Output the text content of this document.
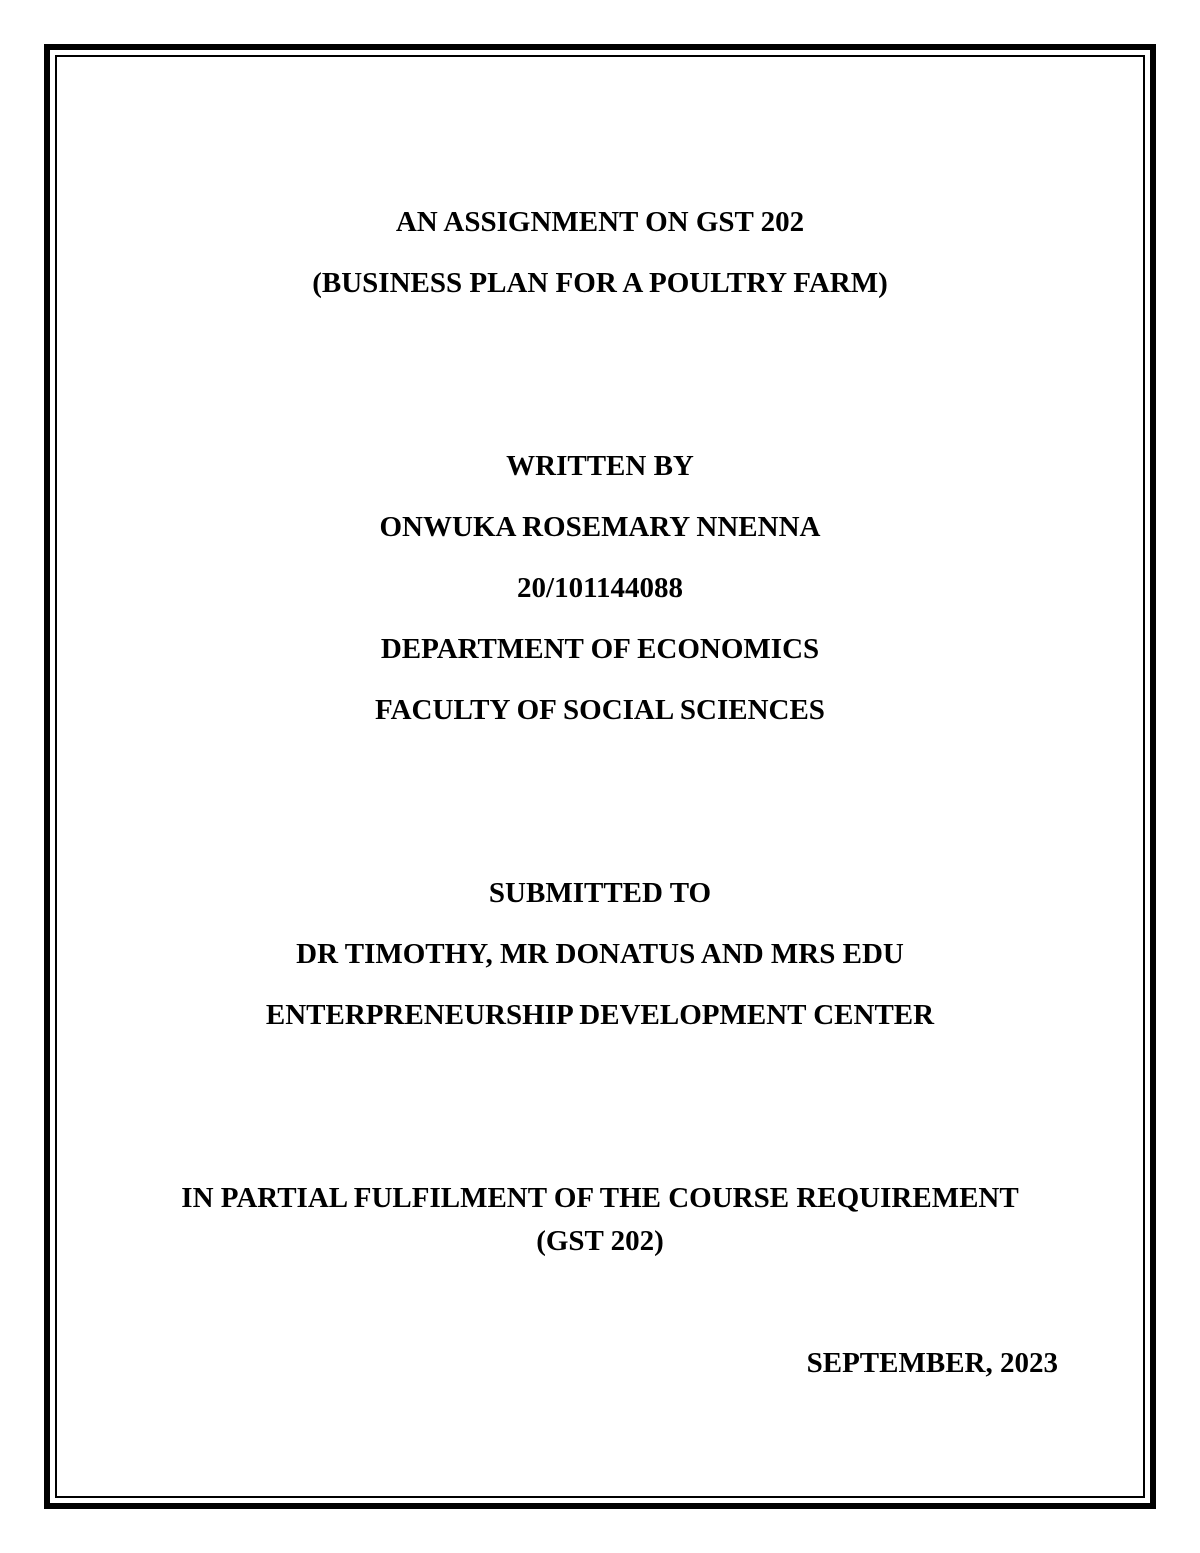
AN ASSIGNMENT ON GST 202

(BUSINESS PLAN FOR A POULTRY FARM)

WRITTEN BY

ONWUKA ROSEMARY NNENNA

20/101144088

DEPARTMENT OF ECONOMICS

FACULTY OF SOCIAL SCIENCES

SUBMITTED TO

DR TIMOTHY, MR DONATUS AND MRS EDU

ENTERPRENEURSHIP DEVELOPMENT CENTER

IN PARTIAL FULFILMENT OF THE COURSE REQUIREMENT

(GST 202)

SEPTEMBER, 2023
